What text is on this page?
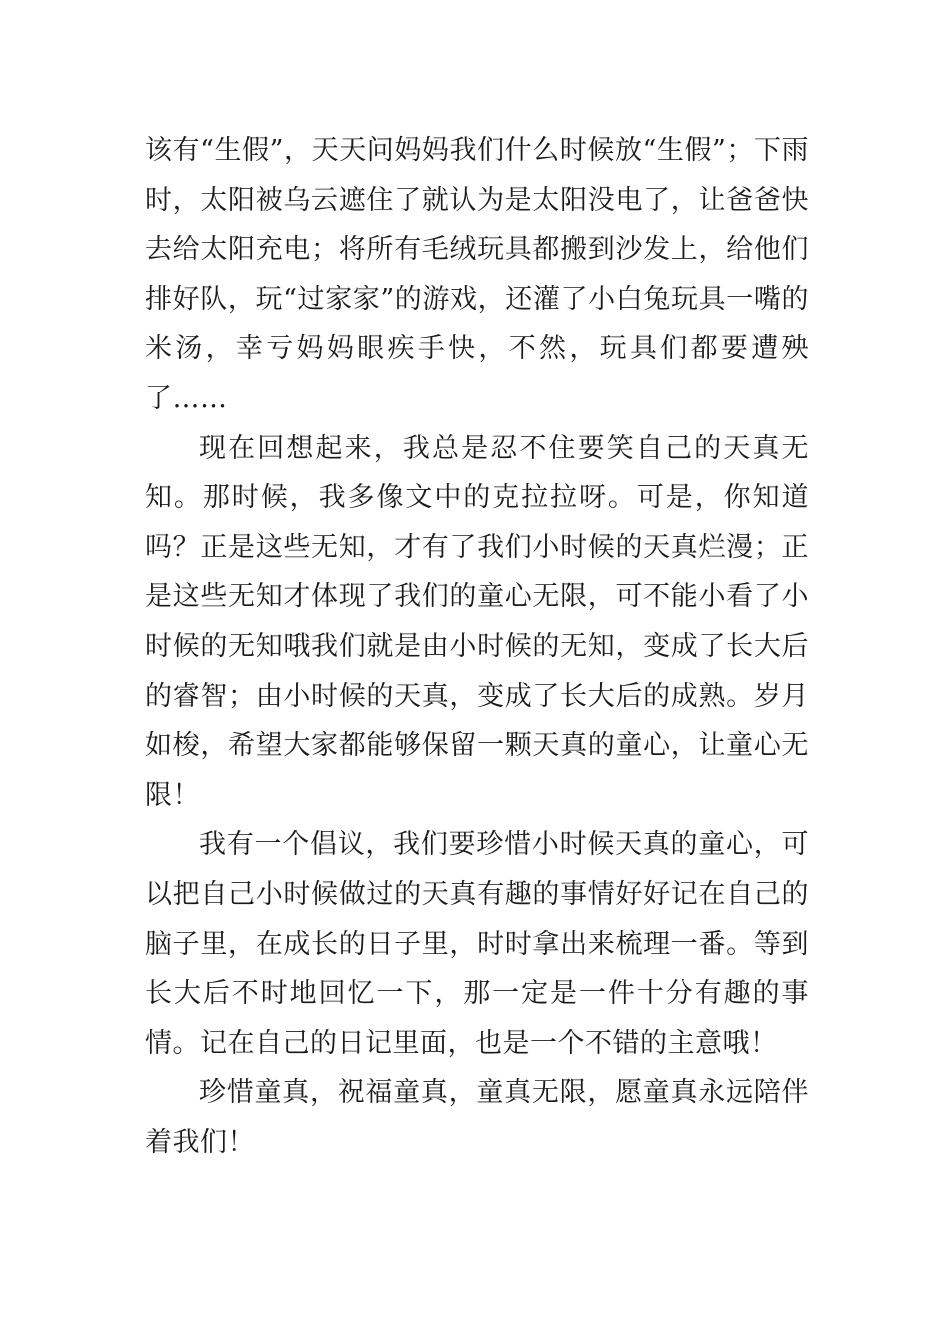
该有“生假”，天天问妈妈我们什么时候放“生假”；下雨时，太阳被乌云遮住了就认为是太阳没电了，让爸爸快去给太阳充电；将所有毛绒玩具都搬到沙发上，给他们排好队，玩“过家家”的游戏，还灌了小白兔玩具一嘴的米汤，幸亏妈妈眼疾手快，不然，玩具们都要遭殃了……

现在回想起来，我总是忍不住要笑自己的天真无知。那时候，我多像文中的克拉拉呀。可是，你知道吗？正是这些无知，才有了我们小时候的天真烂漫；正是这些无知才体现了我们的童心无限，可不能小看了小时候的无知哦我们就是由小时候的无知，变成了长大后的睿智；由小时候的天真，变成了长大后的成熟。岁月如梭，希望大家都能够保留一颗天真的童心，让童心无限！

我有一个倡议，我们要珍惜小时候天真的童心，可以把自己小时候做过的天真有趣的事情好好记在自己的脑子里，在成长的日子里，时时拿出来梳理一番。等到长大后不时地回忆一下，那一定是一件十分有趣的事情。记在自己的日记里面，也是一个不错的主意哦！

珍惜童真，祝福童真，童真无限，愿童真永远陪伴着我们！
